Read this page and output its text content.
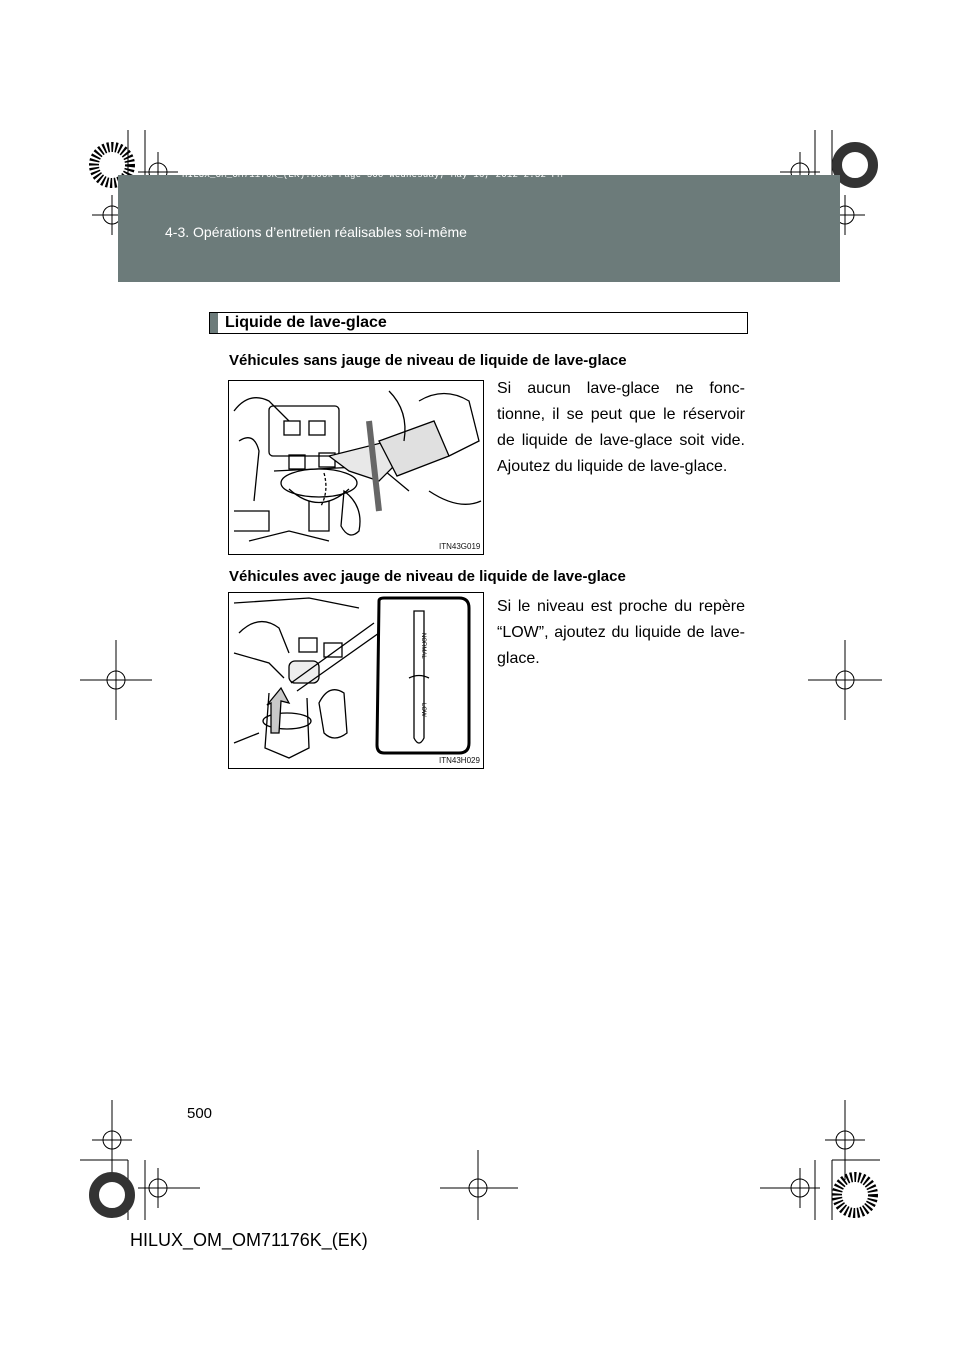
HILUX_OM_OM71176K_(EK).book Page 500 Wednesday, May 16, 2012 2:32 PM
4-3. Opérations d’entretien réalisables soi-même
Liquide de lave-glace
Véhicules sans jauge de niveau de liquide de lave-glace
Si aucun lave-glace ne fonc-tionne, il se peut que le réservoir de liquide de lave-glace soit vide. Ajoutez du liquide de lave-glace.
ITN43G019
Véhicules avec jauge de niveau de liquide de lave-glace
Si le niveau est proche du repère “LOW”, ajoutez du liquide de lave-glace.
NORMAL
LOW
ITN43H029
500
HILUX_OM_OM71176K_(EK)
